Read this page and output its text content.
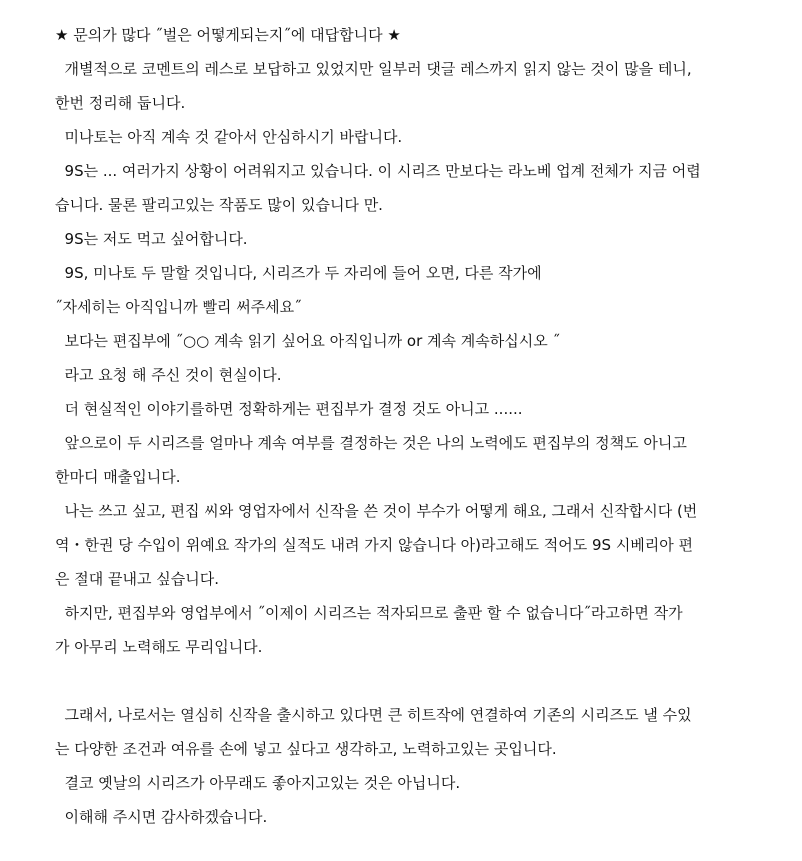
★ 문의가 많다 ˝벌은 어떻게되는지˝에 대답합니다 ★
개별적으로 코멘트의 레스로 보답하고 있었지만 일부러 댓글 레스까지 읽지 않는 것이 많을 테니,
한번 정리해 둡니다.
미나토는 아직 계속 것 같아서 안심하시기 바랍니다.
9S는 ... 여러가지 상황이 어려워지고 있습니다. 이 시리즈 만보다는 라노베 업계 전체가 지금 어렵
습니다. 물론 팔리고있는 작품도 많이 있습니다 만.
9S는 저도 먹고 싶어합니다.
9S, 미나토 두 말할 것입니다, 시리즈가 두 자리에 들어 오면, 다른 작가에
˝자세히는 아직입니까 빨리 써주세요˝
보다는 편집부에 ˝○○ 계속 읽기 싶어요 아직입니까 or 계속 계속하십시오 ˝
라고 요청 해 주신 것이 현실이다.
더 현실적인 이야기를하면 정확하게는 편집부가 결정 것도 아니고 ......
앞으로이 두 시리즈를 얼마나 계속 여부를 결정하는 것은 나의 노력에도 편집부의 정책도 아니고
한마디 매출입니다.
나는 쓰고 싶고, 편집 씨와 영업자에서 신작을 쓴 것이 부수가 어떻게 해요, 그래서 신작합시다 (번
역・한권 당 수입이 위예요 작가의 실적도 내려 가지 않습니다 아)라고해도 적어도 9S 시베리아 편
은 절대 끝내고 싶습니다.
하지만, 편집부와 영업부에서 ˝이제이 시리즈는 적자되므로 출판 할 수 없습니다˝라고하면 작가
가 아무리 노력해도 무리입니다.
그래서, 나로서는 열심히 신작을 출시하고 있다면 큰 히트작에 연결하여 기존의 시리즈도 낼 수있
는 다양한 조건과 여유를 손에 넣고 싶다고 생각하고, 노력하고있는 곳입니다.
결코 옛날의 시리즈가 아무래도 좋아지고있는 것은 아닙니다.
이해해 주시면 감사하겠습니다.
